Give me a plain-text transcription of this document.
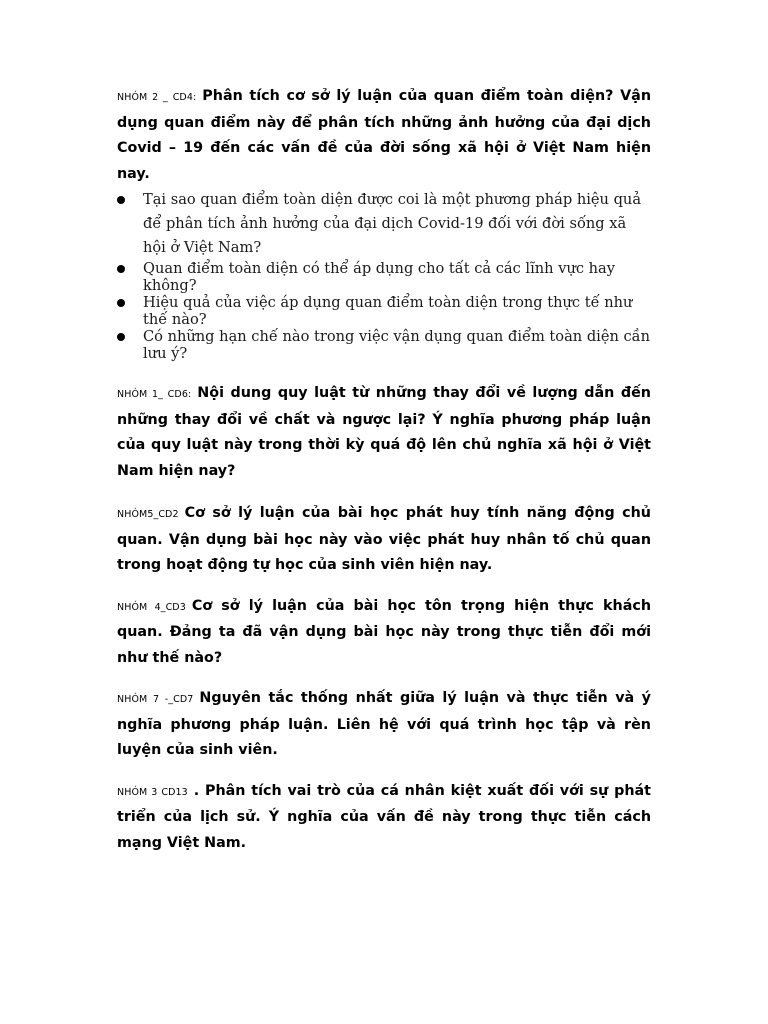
NHÓM 2 _ CD4: Phân tích cơ sở lý luận của quan điểm toàn diện? Vận dụng quan điểm này để phân tích những ảnh hưởng của đại dịch Covid – 19 đến các vấn đề của đời sống xã hội ở Việt Nam hiện nay.

Tại sao quan điểm toàn diện được coi là một phương pháp hiệu quả để phân tích ảnh hưởng của đại dịch Covid-19 đối với đời sống xã hội ở Việt Nam?
Quan điểm toàn diện có thể áp dụng cho tất cả các lĩnh vực hay không?
Hiệu quả của việc áp dụng quan điểm toàn diện trong thực tế như thế nào?
Có những hạn chế nào trong việc vận dụng quan điểm toàn diện cần lưu ý?

NHÓM 1_ CD6: Nội dung quy luật từ những thay đổi về lượng dẫn đến những thay đổi về chất và ngược lại? Ý nghĩa phương pháp luận của quy luật này trong thời kỳ quá độ lên chủ nghĩa xã hội ở Việt Nam hiện nay?

NHÓM5_CD2 Cơ sở lý luận của bài học phát huy tính năng động chủ quan. Vận dụng bài học này vào việc phát huy nhân tố chủ quan trong hoạt động tự học của sinh viên hiện nay.

NHÓM 4_CD3 Cơ sở lý luận của bài học tôn trọng hiện thực khách quan. Đảng ta đã vận dụng bài học này trong thực tiễn đổi mới như thế nào?

NHÓM 7 -_CD7 Nguyên tắc thống nhất giữa lý luận và thực tiễn và ý nghĩa phương pháp luận. Liên hệ với quá trình học tập và rèn luyện của sinh viên.

NHÓM 3 CD13 . Phân tích vai trò của cá nhân kiệt xuất đối với sự phát triển của lịch sử. Ý nghĩa của vấn đề này trong thực tiễn cách mạng Việt Nam.
